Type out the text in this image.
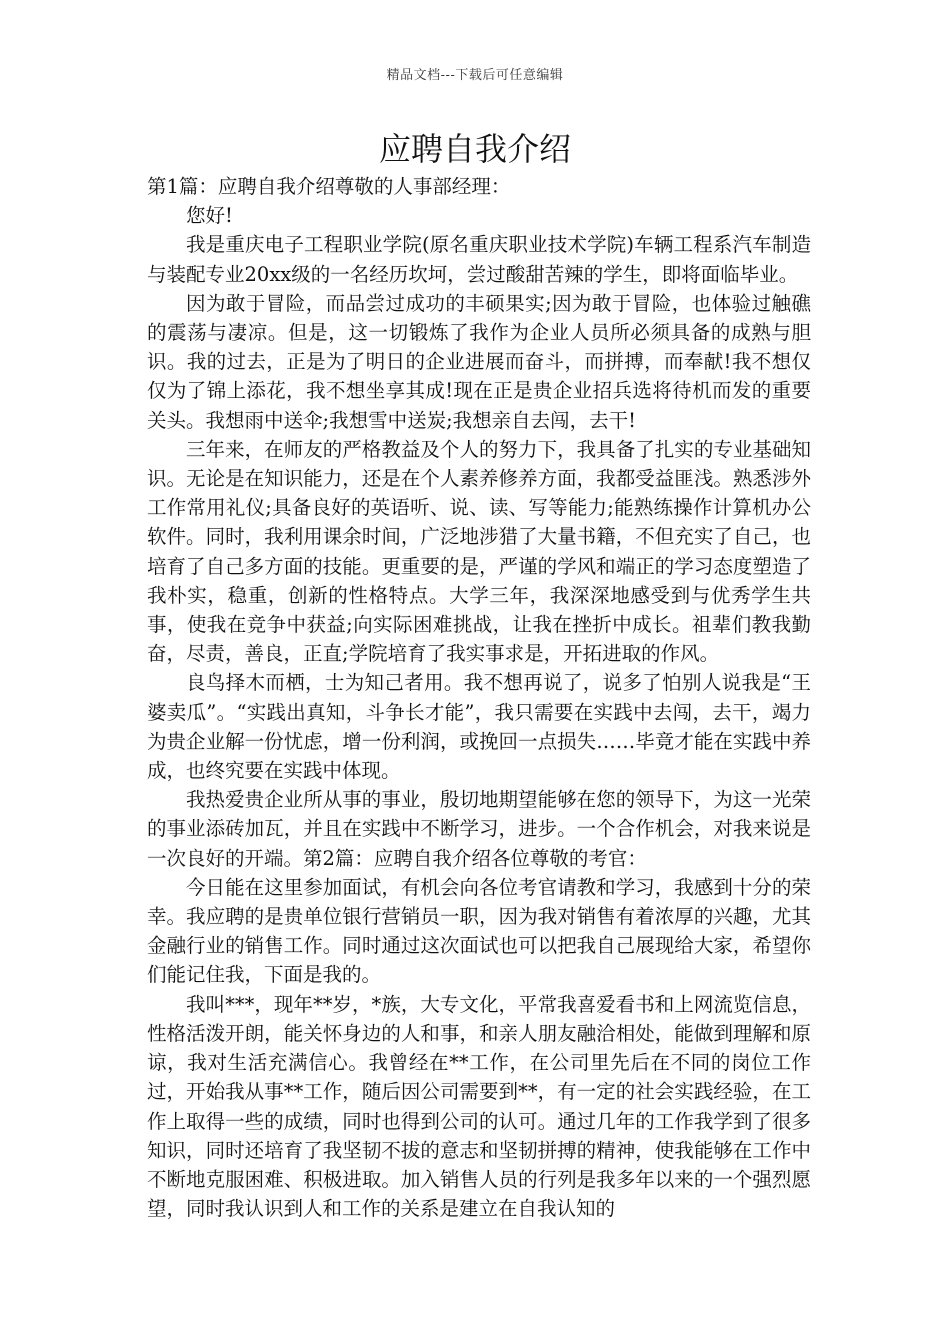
精品文档---下载后可任意编辑
应聘自我介绍

第1篇：应聘自我介绍尊敬的人事部经理：

您好!

我是重庆电子工程职业学院(原名重庆职业技术学院)车辆工程系汽车制造与装配专业20xx级的一名经历坎坷，尝过酸甜苦辣的学生，即将面临毕业。

因为敢于冒险，而品尝过成功的丰硕果实;因为敢于冒险，也体验过触礁的震荡与凄凉。但是，这一切锻炼了我作为企业人员所必须具备的成熟与胆识。我的过去，正是为了明日的企业进展而奋斗，而拼搏，而奉献!我不想仅仅为了锦上添花，我不想坐享其成!现在正是贵企业招兵选将待机而发的重要关头。我想雨中送伞;我想雪中送炭;我想亲自去闯，去干!

三年来，在师友的严格教益及个人的努力下，我具备了扎实的专业基础知识。无论是在知识能力，还是在个人素养修养方面，我都受益匪浅。熟悉涉外工作常用礼仪;具备良好的英语听、说、读、写等能力;能熟练操作计算机办公软件。同时，我利用课余时间，广泛地涉猎了大量书籍，不但充实了自己，也培育了自己多方面的技能。更重要的是，严谨的学风和端正的学习态度塑造了我朴实，稳重，创新的性格特点。大学三年，我深深地感受到与优秀学生共事，使我在竞争中获益;向实际困难挑战，让我在挫折中成长。祖辈们教我勤奋，尽责，善良，正直;学院培育了我实事求是，开拓进取的作风。

良鸟择木而栖，士为知己者用。我不想再说了，说多了怕别人说我是“王婆卖瓜”。“实践出真知，斗争长才能”，我只需要在实践中去闯，去干，竭力为贵企业解一份忧虑，增一份利润，或挽回一点损失……毕竟才能在实践中养成，也终究要在实践中体现。

我热爱贵企业所从事的事业，殷切地期望能够在您的领导下，为这一光荣的事业添砖加瓦，并且在实践中不断学习，进步。一个合作机会，对我来说是一次良好的开端。第2篇：应聘自我介绍各位尊敬的考官：

今日能在这里参加面试，有机会向各位考官请教和学习，我感到十分的荣幸。我应聘的是贵单位银行营销员一职，因为我对销售有着浓厚的兴趣，尤其金融行业的销售工作。同时通过这次面试也可以把我自己展现给大家，希望你们能记住我，下面是我的。

我叫***，现年**岁，*族，大专文化，平常我喜爱看书和上网流览信息，性格活泼开朗，能关怀身边的人和事，和亲人朋友融洽相处，能做到理解和原谅，我对生活充满信心。我曾经在**工作，在公司里先后在不同的岗位工作过，开始我从事**工作，随后因公司需要到**，有一定的社会实践经验，在工作上取得一些的成绩，同时也得到公司的认可。通过几年的工作我学到了很多知识，同时还培育了我坚韧不拔的意志和坚韧拼搏的精神，使我能够在工作中不断地克服困难、积极进取。加入销售人员的行列是我多年以来的一个强烈愿望，同时我认识到人和工作的关系是建立在自我认知的
